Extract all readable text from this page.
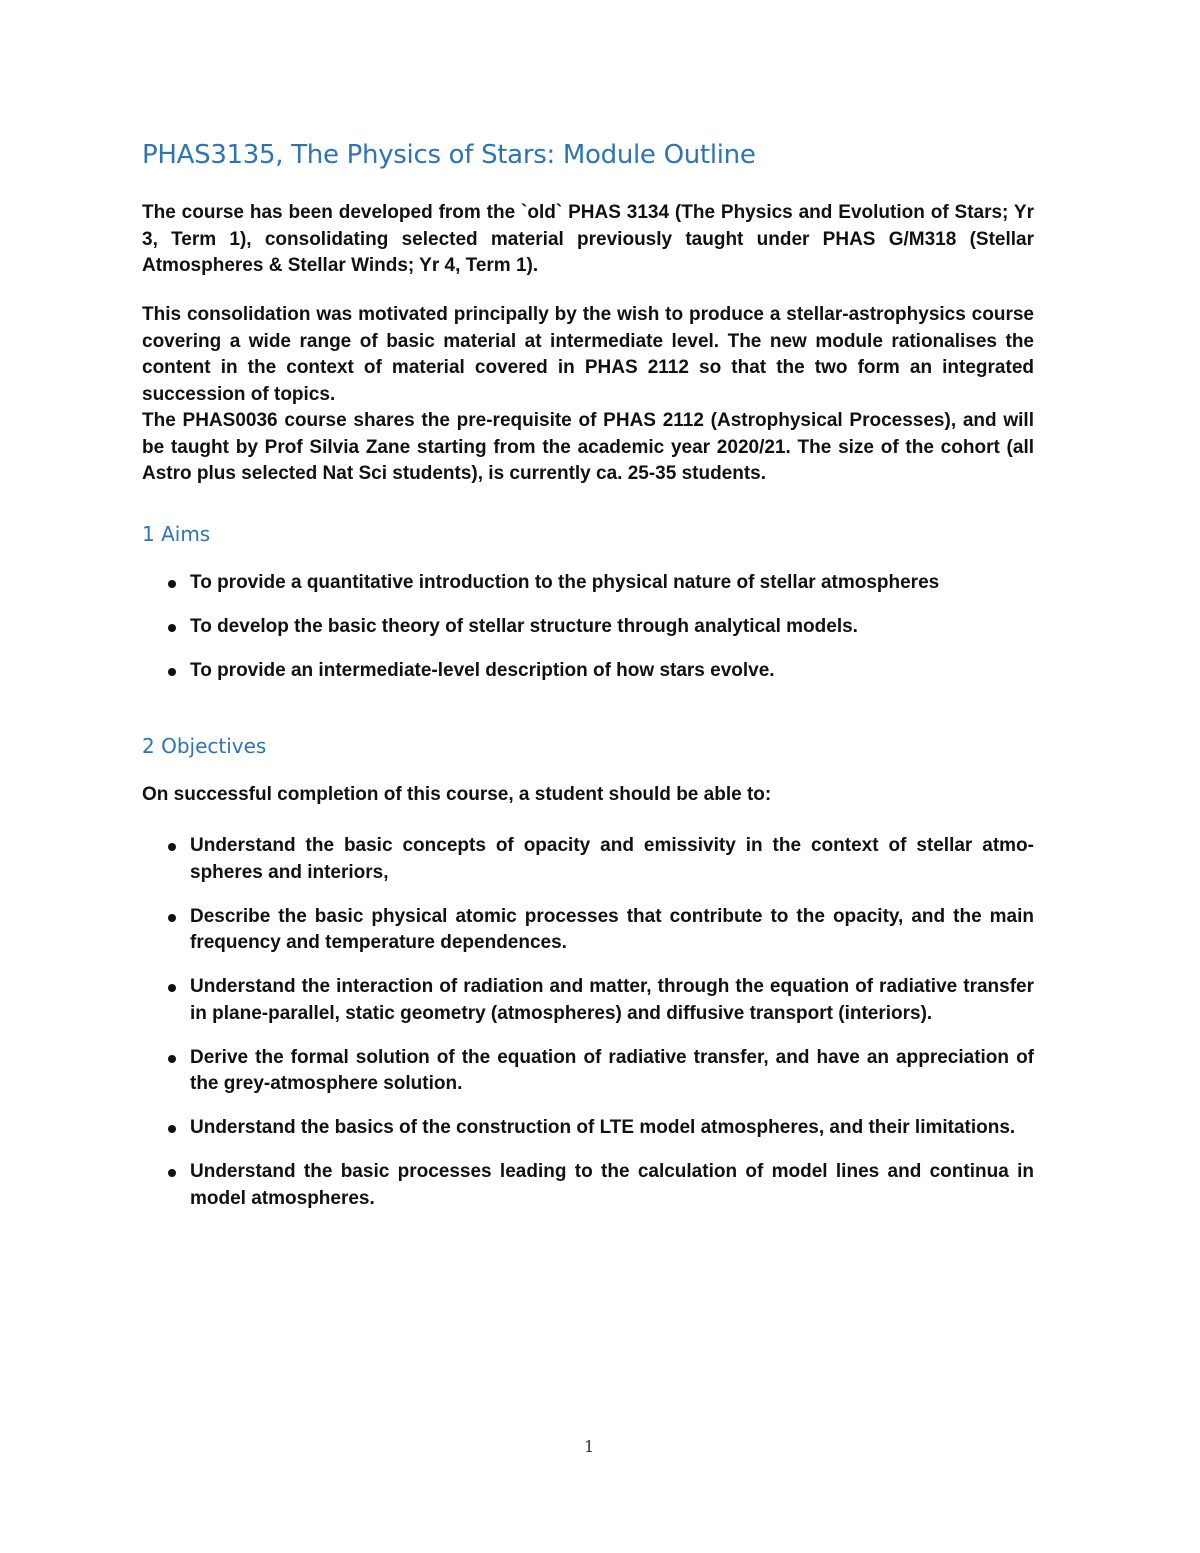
PHAS3135, The Physics of Stars: Module Outline

The course has been developed from the `old` PHAS 3134 (The Physics and Evolution of Stars; Yr 3, Term 1), consolidating selected material previously taught under PHAS G/M318 (Stellar Atmospheres & Stellar Winds; Yr 4, Term 1).

This consolidation was motivated principally by the wish to produce a stellar-astrophysics course covering a wide range of basic material at intermediate level. The new module rationalises the content in the context of material covered in PHAS 2112 so that the two form an integrated succession of topics.

The PHAS0036 course shares the pre-requisite of PHAS 2112 (Astrophysical Processes), and will be taught by Prof Silvia Zane starting from the academic year 2020/21. The size of the cohort (all Astro plus selected Nat Sci students), is currently ca. 25-35 students.

1 Aims
To provide a quantitative introduction to the physical nature of stellar atmospheres
To develop the basic theory of stellar structure through analytical models.
To provide an intermediate-level description of how stars evolve.
2 Objectives

On successful completion of this course, a student should be able to:

Understand the basic concepts of opacity and emissivity in the context of stellar atmo-spheres and interiors,
Describe the basic physical atomic processes that contribute to the opacity, and the main frequency and temperature dependences.
Understand the interaction of radiation and matter, through the equation of radiative transfer in plane-parallel, static geometry (atmospheres) and diffusive transport (interiors).
Derive the formal solution of the equation of radiative transfer, and have an appreciation of the grey-atmosphere solution.
Understand the basics of the construction of LTE model atmospheres, and their limitations.
Understand the basic processes leading to the calculation of model lines and continua in model atmospheres.

1
